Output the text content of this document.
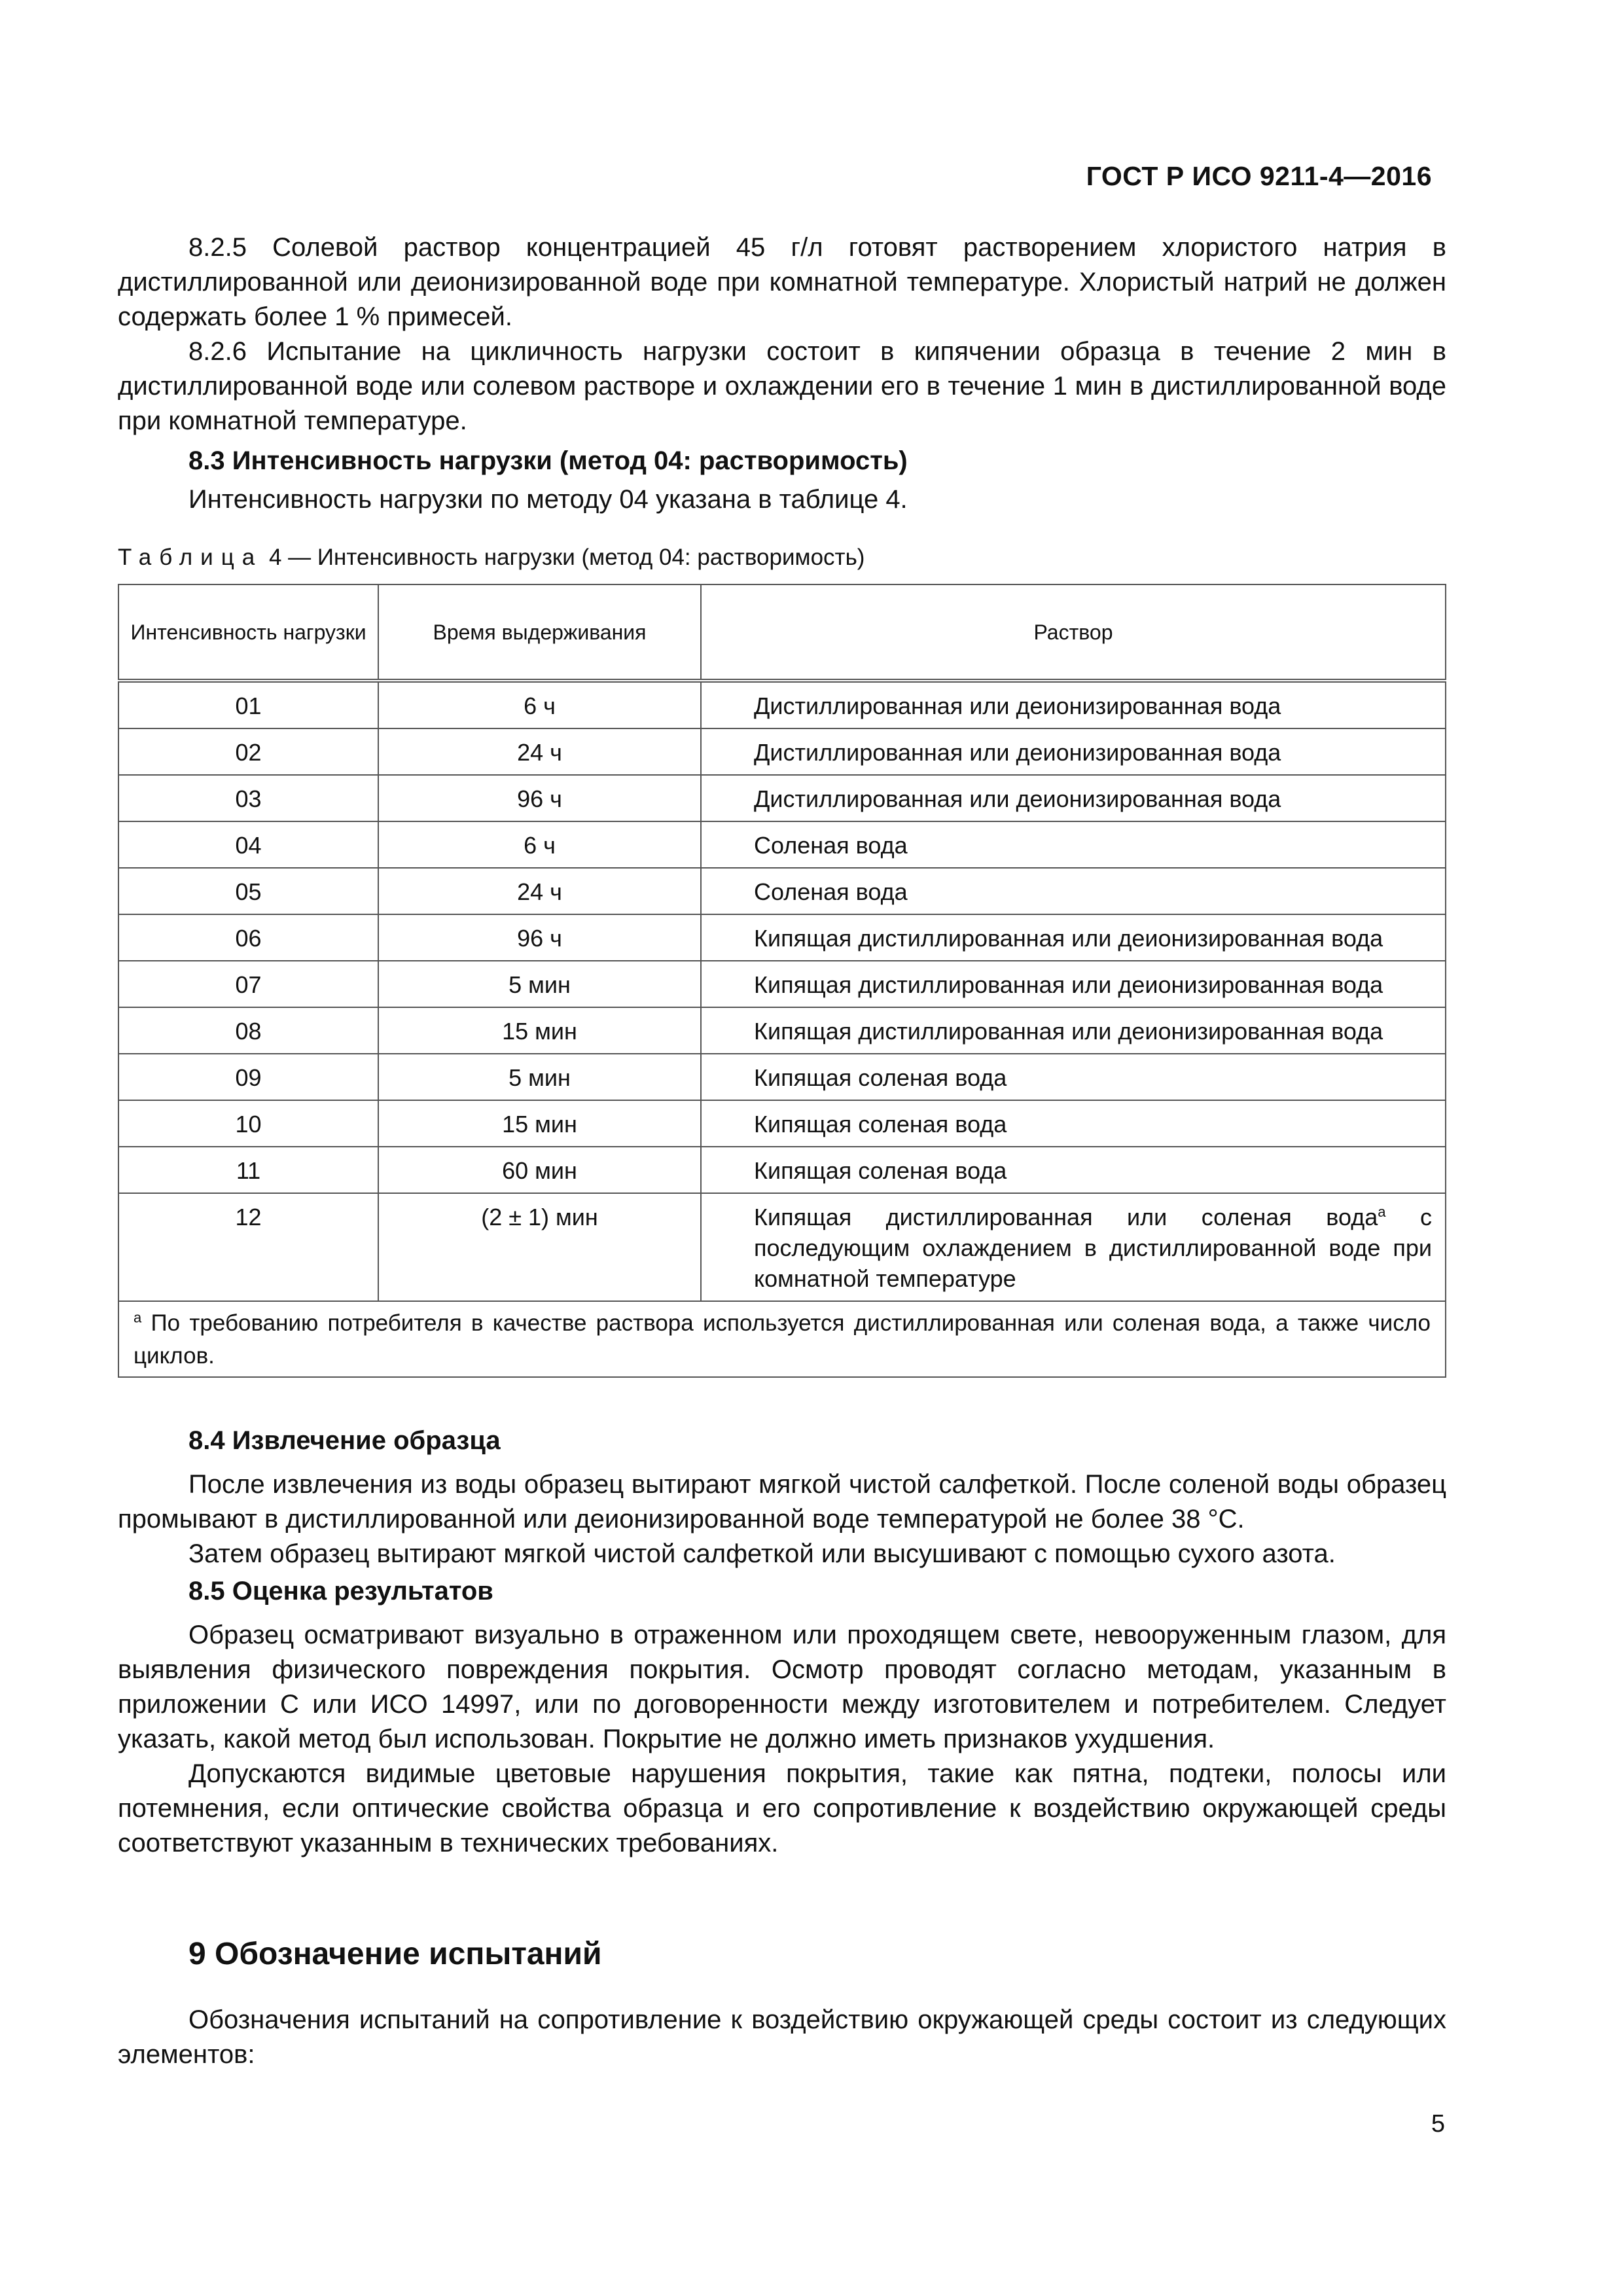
ГОСТ Р ИСО 9211-4—2016

8.2.5 Солевой раствор концентрацией 45 г/л готовят растворением хлористого натрия в дистиллированной или деионизированной воде при комнатной температуре. Хлористый натрий не должен содержать более 1 % примесей.

8.2.6 Испытание на цикличность нагрузки состоит в кипячении образца в течение 2 мин в дистиллированной воде или солевом растворе и охлаждении его в течение 1 мин в дистиллированной воде при комнатной температуре.

8.3 Интенсивность нагрузки (метод 04: растворимость)

Интенсивность нагрузки по методу 04 указана в таблице 4.

Таблица 4 — Интенсивность нагрузки (метод 04: растворимость)
Интенсивность нагрузки	Время выдерживания	Раствор
01	6 ч	Дистиллированная или деионизированная вода
02	24 ч	Дистиллированная или деионизированная вода
03	96 ч	Дистиллированная или деионизированная вода
04	6 ч	Соленая вода
05	24 ч	Соленая вода
06	96 ч	Кипящая дистиллированная или деионизированная вода
07	5 мин	Кипящая дистиллированная или деионизированная вода
08	15 мин	Кипящая дистиллированная или деионизированная вода
09	5 мин	Кипящая соленая вода
10	15 мин	Кипящая соленая вода
11	60 мин	Кипящая соленая вода
12	(2 ± 1) мин	Кипящая дистиллированная или соленая вода$^a$ с последующим охлаждением в дистиллированной воде при комнатной температуре
$^a$ По требованию потребителя в качестве раствора используется дистиллированная или соленая вода, а также число циклов.		
8.4 Извлечение образца

После извлечения из воды образец вытирают мягкой чистой салфеткой. После соленой воды образец промывают в дистиллированной или деионизированной воде температурой не более 38 °C.

Затем образец вытирают мягкой чистой салфеткой или высушивают с помощью сухого азота.

8.5 Оценка результатов

Образец осматривают визуально в отраженном или проходящем свете, невооруженным глазом, для выявления физического повреждения покрытия. Осмотр проводят согласно методам, указанным в приложении С или ИСО 14997, или по договоренности между изготовителем и потребителем. Следует указать, какой метод был использован. Покрытие не должно иметь признаков ухудшения.

Допускаются видимые цветовые нарушения покрытия, такие как пятна, подтеки, полосы или потемнения, если оптические свойства образца и его сопротивление к воздействию окружающей среды соответствуют указанным в технических требованиях.

9 Обозначение испытаний

Обозначения испытаний на сопротивление к воздействию окружающей среды состоит из следующих элементов:

5
